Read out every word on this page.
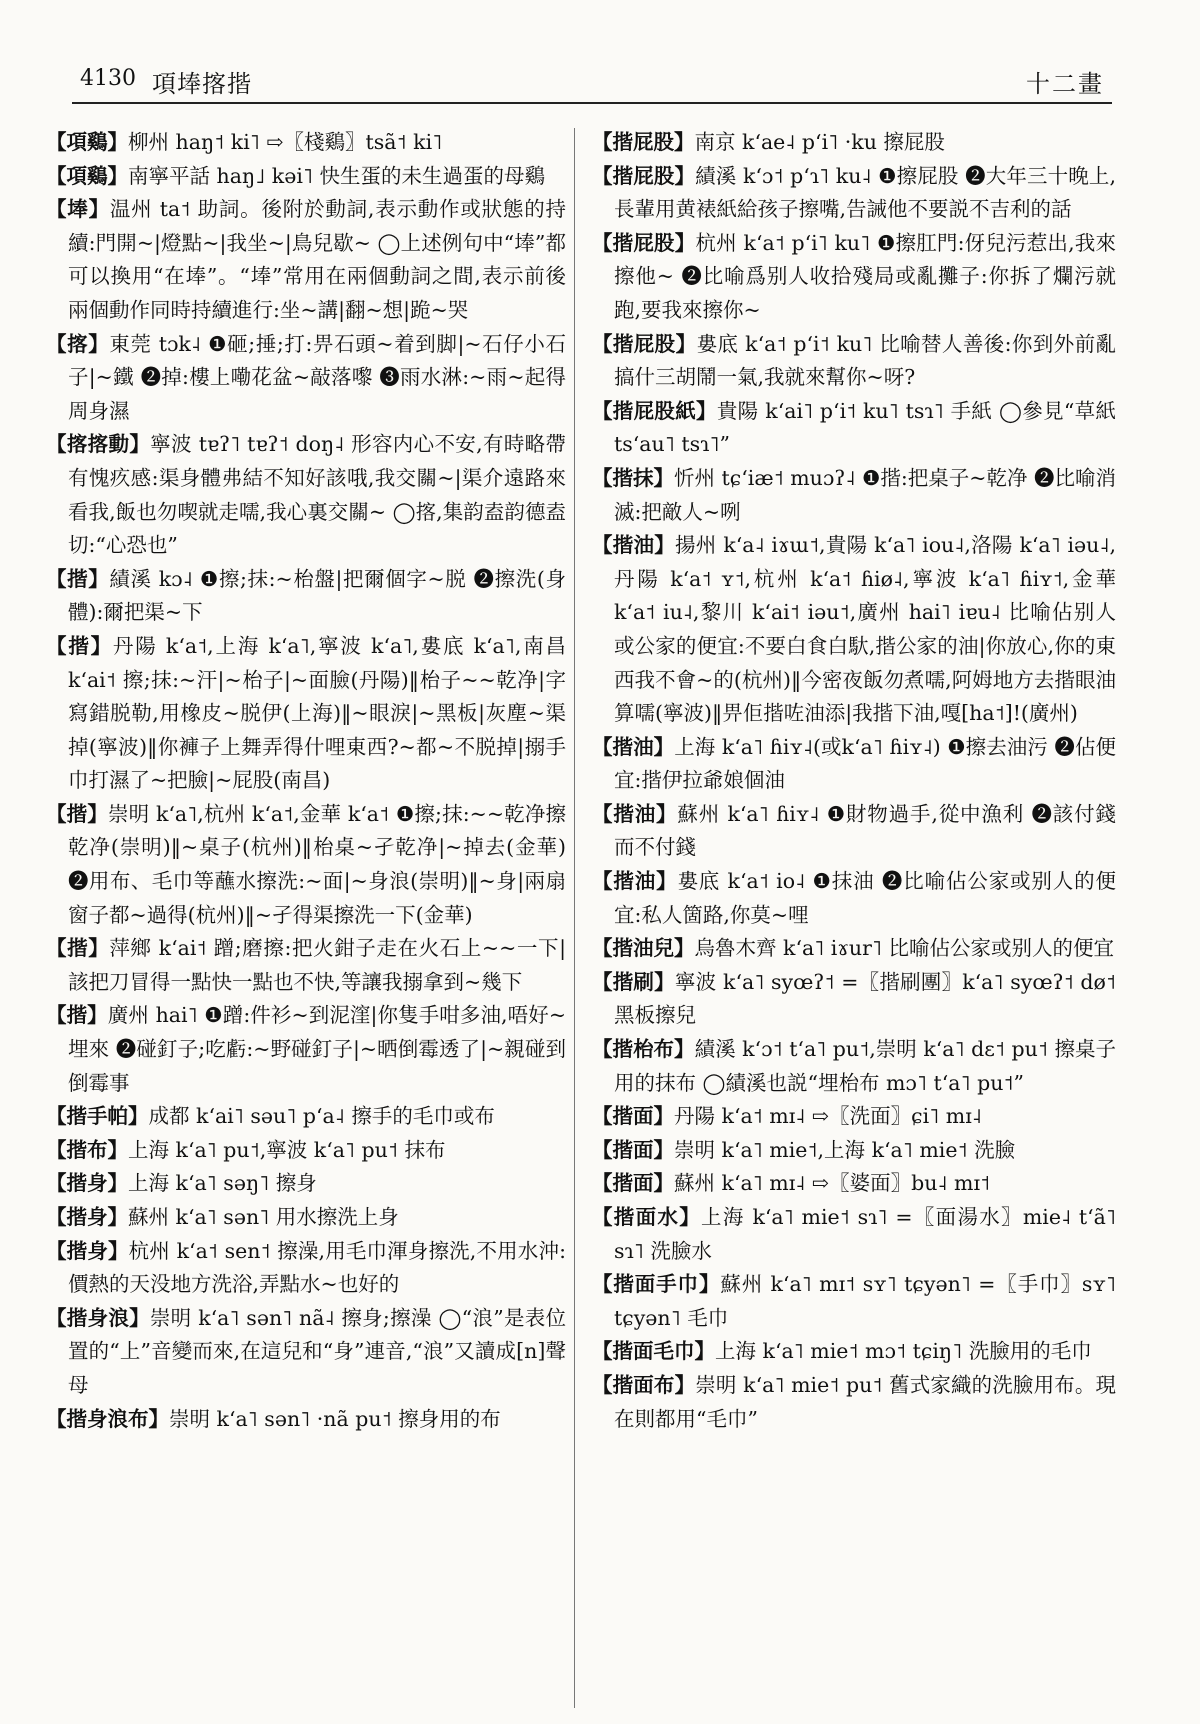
4130 項埲揢揩	十二畫

【項鷄】柳州 haŋ˦ ki˥ ⇨〖棧鷄〗tsã˦ ki˥

【項鷄】南寧平話 haŋ˩ kəi˥ 快生蛋的未生過蛋的母鷄

【埲】温州 ta˦ 助詞。後附於動詞,表示動作或狀態的持續:門開~|燈點~|我坐~|鳥兒歇~ ◯上述例句中“埲”都可以換用“在埲”。“埲”常用在兩個動詞之間,表示前後兩個動作同時持續進行:坐~講|翻~想|跪~哭

【揢】東莞 tɔk˨ ❶砸;捶;打:畀石頭~着到脚|~石仔小石子|~鐵 ❷掉:樓上嘞花盆~敲落嚟 ❸雨水淋:~雨~起得周身濕

【揢揢動】寧波 tɐʔ˥ tɐʔ˦ doŋ˨ 形容内心不安,有時略帶有愧疚感:渠身體弗結不知好該哦,我交關~|渠介遠路來看我,飯也勿喫就走嚅,我心裏交關~ ◯揢,集韵盍韵德盍切:“心恐也”

【揩】績溪 kɔ˨ ❶擦;抹:~枱盤|把爾個字~脱 ❷擦洗(身體):爾把渠~下

【揩】丹陽 kʻa˦,上海 kʻa˥,寧波 kʻa˥,婁底 kʻa˥,南昌 kʻai˦ 擦;抹:~汗|~枱子|~面臉(丹陽)‖枱子~~乾净|字寫錯脱勒,用橡皮~脱伊(上海)‖~眼淚|~黑板|灰塵~渠掉(寧波)‖你褲子上舞弄得什哩東西?~都~不脱掉|搦手巾打濕了~把臉|~屁股(南昌)

【揩】崇明 kʻa˥,杭州 kʻa˦,金華 kʻa˦ ❶擦;抹:~~乾净擦乾净(崇明)‖~桌子(杭州)‖枱桌~孑乾净|~掉去(金華) ❷用布、毛巾等蘸水擦洗:~面|~身浪(崇明)‖~身|兩扇窗子都~過得(杭州)‖~孑得渠擦洗一下(金華)

【揩】萍鄉 kʻai˦ 蹭;磨擦:把火鉗子走在火石上~~一下|該把刀冒得一點快一點也不快,等讓我搦拿到~幾下

【揩】廣州 hai˥ ❶蹭:件衫~到泥漥|你隻手咁多油,唔好~埋來 ❷碰釘子;吃虧:~野碰釘子|~晒倒霉透了|~親碰到倒霉事

【揩手帕】成都 kʻai˥ səu˥ pʻa˨ 擦手的毛巾或布

【揩布】上海 kʻa˥ pu˦,寧波 kʻa˥ pu˦ 抹布

【揩身】上海 kʻa˥ səŋ˥ 擦身

【揩身】蘇州 kʻa˥ sən˥ 用水擦洗上身

【揩身】杭州 kʻa˦ sen˦ 擦澡,用毛巾渾身擦洗,不用水沖:價熱的天没地方洗浴,弄點水~也好的

【揩身浪】崇明 kʻa˥ sən˥ nã˨ 擦身;擦澡 ◯“浪”是表位置的“上”音變而來,在這兒和“身”連音,“浪”又讀成[n]聲母

【揩身浪布】崇明 kʻa˥ sən˥ ·nã pu˦ 擦身用的布

【揩屁股】南京 kʻae˨ pʻi˥ ·ku 擦屁股

【揩屁股】績溪 kʻɔ˦ pʻɿ˥ ku˨ ❶擦屁股 ❷大年三十晚上,長輩用黄裱紙給孩子擦嘴,告誡他不要説不吉利的話

【揩屁股】杭州 kʻa˦ pʻi˥ ku˥ ❶擦肛門:伢兒污惹出,我來擦他~ ❷比喻爲别人收拾殘局或亂攤子:你拆了爛污就跑,要我來擦你~

【揩屁股】婁底 kʻa˦ pʻi˦ ku˥ 比喻替人善後:你到外前亂搞什三胡鬧一氣,我就來幫你~呀?

【揩屁股紙】貴陽 kʻai˥ pʻi˦ ku˥ tsɿ˥ 手紙 ◯參見“草紙tsʻau˥ tsɿ˥”

【揩抹】忻州 tɕʻiæ˦ muɔʔ˨ ❶揩:把桌子~乾净 ❷比喻消滅:把敵人~咧

【揩油】揚州 kʻa˨ iɤɯ˦,貴陽 kʻa˥ iou˨,洛陽 kʻa˥ iəu˨,丹陽 kʻa˦ ʏ˦,杭州 kʻa˦ ɦiø˨,寧波 kʻa˥ ɦiʏ˦,金華 kʻa˦ iu˨,黎川 kʻai˦ iəu˦,廣州 hai˥ iɐu˨ 比喻佔别人或公家的便宜:不要白食白馱,揩公家的油|你放心,你的東西我不會~的(杭州)‖今密夜飯勿煮嚅,阿姆地方去揩眼油算嚅(寧波)‖畀佢揩咗油添|我揩下油,嘎[ha˦]!(廣州)

【揩油】上海 kʻa˥ ɦiʏ˨(或kʻa˥ ɦiʏ˨) ❶擦去油污 ❷佔便宜:揩伊拉爺娘個油

【揩油】蘇州 kʻa˥ ɦiʏ˨ ❶財物過手,從中漁利 ❷該付錢而不付錢

【揩油】婁底 kʻa˦ io˨ ❶抹油 ❷比喻佔公家或别人的便宜:私人箇路,你莫~哩

【揩油兒】烏魯木齊 kʻa˥ iɤur˥ 比喻佔公家或别人的便宜

【揩刷】寧波 kʻa˥ syœʔ˦ =〖揩刷團〗kʻa˥ syœʔ˦ dø˦ 黑板擦兒

【揩枱布】績溪 kʻɔ˦ tʻa˥ pu˦,崇明 kʻa˥ dɛ˦ pu˦ 擦桌子用的抹布 ◯績溪也説“埋枱布 mɔ˥ tʻa˥ pu˦”

【揩面】丹陽 kʻa˦ mɪ˨ ⇨〖洗面〗ɕi˥ mɪ˨

【揩面】崇明 kʻa˥ mie˦,上海 kʻa˥ mie˦ 洗臉

【揩面】蘇州 kʻa˥ mɪ˨ ⇨〖婆面〗bu˨ mɪ˦

【揩面水】上海 kʻa˥ mie˦ sɿ˥ =〖面湯水〗mie˨ tʻã˥ sɿ˥ 洗臉水

【揩面手巾】蘇州 kʻa˥ mɪ˦ sʏ˥ tɕyən˥ =〖手巾〗sʏ˥ tɕyən˥ 毛巾

【揩面毛巾】上海 kʻa˥ mie˦ mɔ˦ tɕiŋ˥ 洗臉用的毛巾

【揩面布】崇明 kʻa˥ mie˦ pu˦ 舊式家織的洗臉用布。現在則都用“毛巾”
